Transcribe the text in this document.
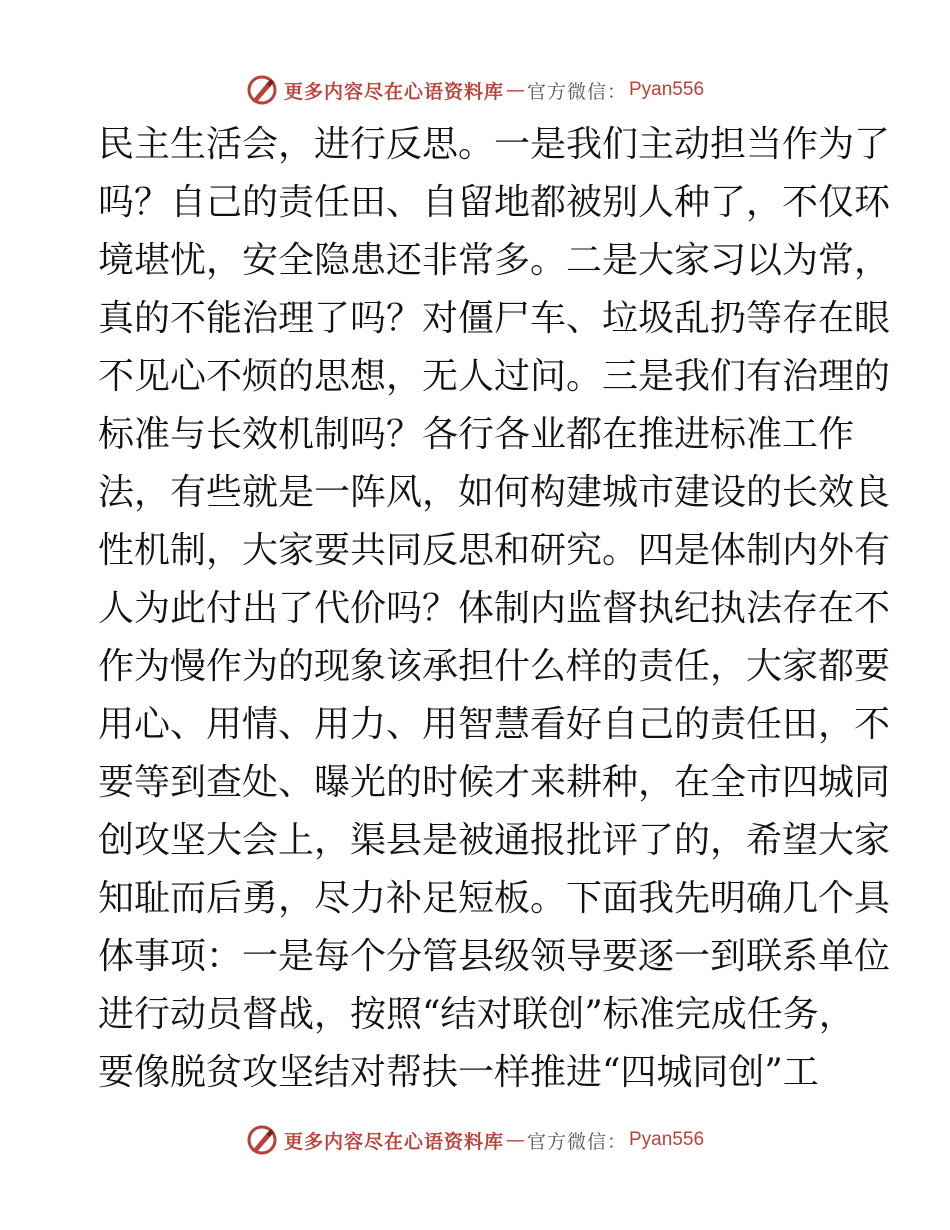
更多内容尽在心语资料库 — 官方微信： Pyan556
民主生活会，进行反思。一是我们主动担当作为了
吗？自己的责任田、自留地都被别人种了，不仅环
境堪忧，安全隐患还非常多。二是大家习以为常，
真的不能治理了吗？对僵尸车、垃圾乱扔等存在眼
不见心不烦的思想，无人过问。三是我们有治理的
标准与长效机制吗？各行各业都在推进标准工作
法，有些就是一阵风，如何构建城市建设的长效良
性机制，大家要共同反思和研究。四是体制内外有
人为此付出了代价吗？体制内监督执纪执法存在不
作为慢作为的现象该承担什么样的责任，大家都要
用心、用情、用力、用智慧看好自己的责任田，不
要等到查处、曝光的时候才来耕种，在全市四城同
创攻坚大会上，渠县是被通报批评了的，希望大家
知耻而后勇，尽力补足短板。下面我先明确几个具
体事项：一是每个分管县级领导要逐一到联系单位
进行动员督战，按照“结对联创”标准完成任务，
要像脱贫攻坚结对帮扶一样推进“四城同创”工
更多内容尽在心语资料库 — 官方微信： Pyan556
